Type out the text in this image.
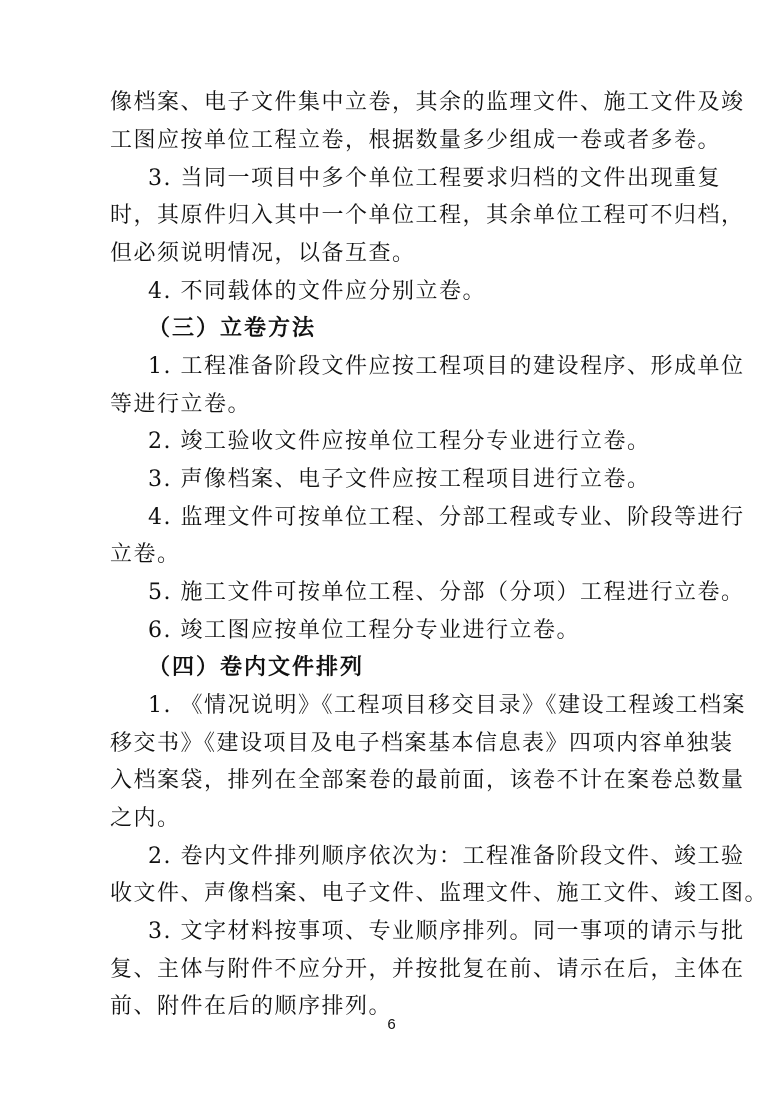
像档案、电子文件集中立卷，其余的监理文件、施工文件及竣
工图应按单位工程立卷，根据数量多少组成一卷或者多卷。
3. 当同一项目中多个单位工程要求归档的文件出现重复
时，其原件归入其中一个单位工程，其余单位工程可不归档，
但必须说明情况，以备互查。
4. 不同载体的文件应分别立卷。
（三）立卷方法
1. 工程准备阶段文件应按工程项目的建设程序、形成单位
等进行立卷。
2. 竣工验收文件应按单位工程分专业进行立卷。
3. 声像档案、电子文件应按工程项目进行立卷。
4. 监理文件可按单位工程、分部工程或专业、阶段等进行
立卷。
5. 施工文件可按单位工程、分部（分项）工程进行立卷。
6. 竣工图应按单位工程分专业进行立卷。
（四）卷内文件排列
1. 《情况说明》《工程项目移交目录》《建设工程竣工档案
移交书》《建设项目及电子档案基本信息表》四项内容单独装
入档案袋，排列在全部案卷的最前面，该卷不计在案卷总数量
之内。
2. 卷内文件排列顺序依次为：工程准备阶段文件、竣工验
收文件、声像档案、电子文件、监理文件、施工文件、竣工图。
3. 文字材料按事项、专业顺序排列。同一事项的请示与批
复、主体与附件不应分开，并按批复在前、请示在后，主体在
前、附件在后的顺序排列。
6
